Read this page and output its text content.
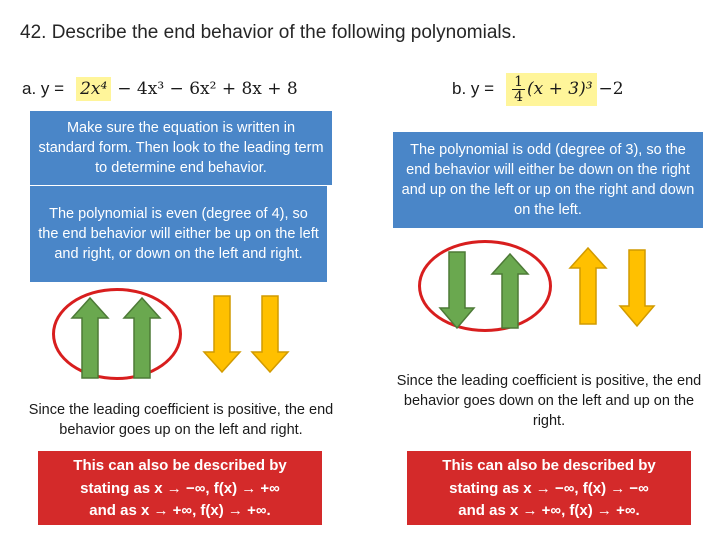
42. Describe the end behavior of the following polynomials.
a. y = 2x⁴ − 4x³ − 6x² + 8x + 8	b. $y = \frac{1}{4} (x + 3)^3 -2$
Make sure the equation is written in standard form. Then look to the leading term to determine end behavior.
The polynomial is even (degree of 4), so the end behavior will either be up on the left and right, or down on the left and right.
The polynomial is odd (degree of 3), so the end behavior will either be down on the right and up on the left or up on the right and down on the left.
Since the leading coefficient is positive, the end behavior goes up on the left and right.
Since the leading coefficient is positive, the end behavior goes down on the left and up on the right.
This can also be described by
stating as x → −∞, f(x) → +∞
and as x → +∞, f(x) → +∞.
This can also be described by
stating as x → −∞, f(x) → −∞
and as x → +∞, f(x) → +∞.
